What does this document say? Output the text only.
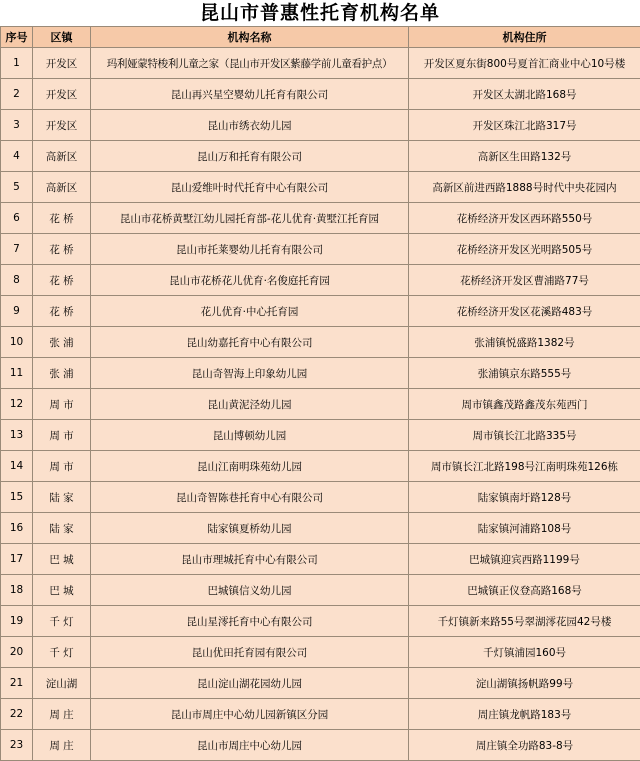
昆山市普惠性托育机构名单
序号	区镇	机构名称	机构住所
1	开发区	玛利娅蒙特梭利儿童之家（昆山市开发区紫藤学前儿童看护点）	开发区夏东街800号夏首汇商业中心10号楼
2	开发区	昆山再兴星空婴幼儿托育有限公司	开发区太湖北路168号
3	开发区	昆山市绣衣幼儿园	开发区珠江北路317号
4	高新区	昆山万和托育有限公司	高新区生田路132号
5	高新区	昆山爱维叶时代托育中心有限公司	高新区前进西路1888号时代中央花园内
6	花 桥	昆山市花桥黄墅江幼儿园托育部-花儿优育·黄墅江托育园	花桥经济开发区西环路550号
7	花 桥	昆山市托莱婴幼儿托育有限公司	花桥经济开发区光明路505号
8	花 桥	昆山市花桥花儿优育·名俊庭托育园	花桥经济开发区曹浦路77号
9	花 桥	花儿优育·中心托育园	花桥经济开发区花溪路483号
10	张 浦	昆山幼嘉托育中心有限公司	张浦镇悦盛路1382号
11	张 浦	昆山奇智海上印象幼儿园	张浦镇京东路555号
12	周 市	昆山黄泥泾幼儿园	周市镇鑫茂路鑫茂东苑西门
13	周 市	昆山博顿幼儿园	周市镇长江北路335号
14	周 市	昆山江南明珠苑幼儿园	周市镇长江北路198号江南明珠苑126栋
15	陆 家	昆山奇智陈巷托育中心有限公司	陆家镇南圩路128号
16	陆 家	陆家镇夏桥幼儿园	陆家镇河浦路108号
17	巴 城	昆山市理城托育中心有限公司	巴城镇迎宾西路1199号
18	巴 城	巴城镇信义幼儿园	巴城镇正仪登高路168号
19	千 灯	昆山星澪托育中心有限公司	千灯镇新来路55号翠湖澪花园42号楼
20	千 灯	昆山优田托育园有限公司	千灯镇浦园160号
21	淀山湖	昆山淀山湖花园幼儿园	淀山湖镇扬帆路99号
22	周 庄	昆山市周庄中心幼儿园新镇区分园	周庄镇龙帆路183号
23	周 庄	昆山市周庄中心幼儿园	周庄镇全功路83-8号
